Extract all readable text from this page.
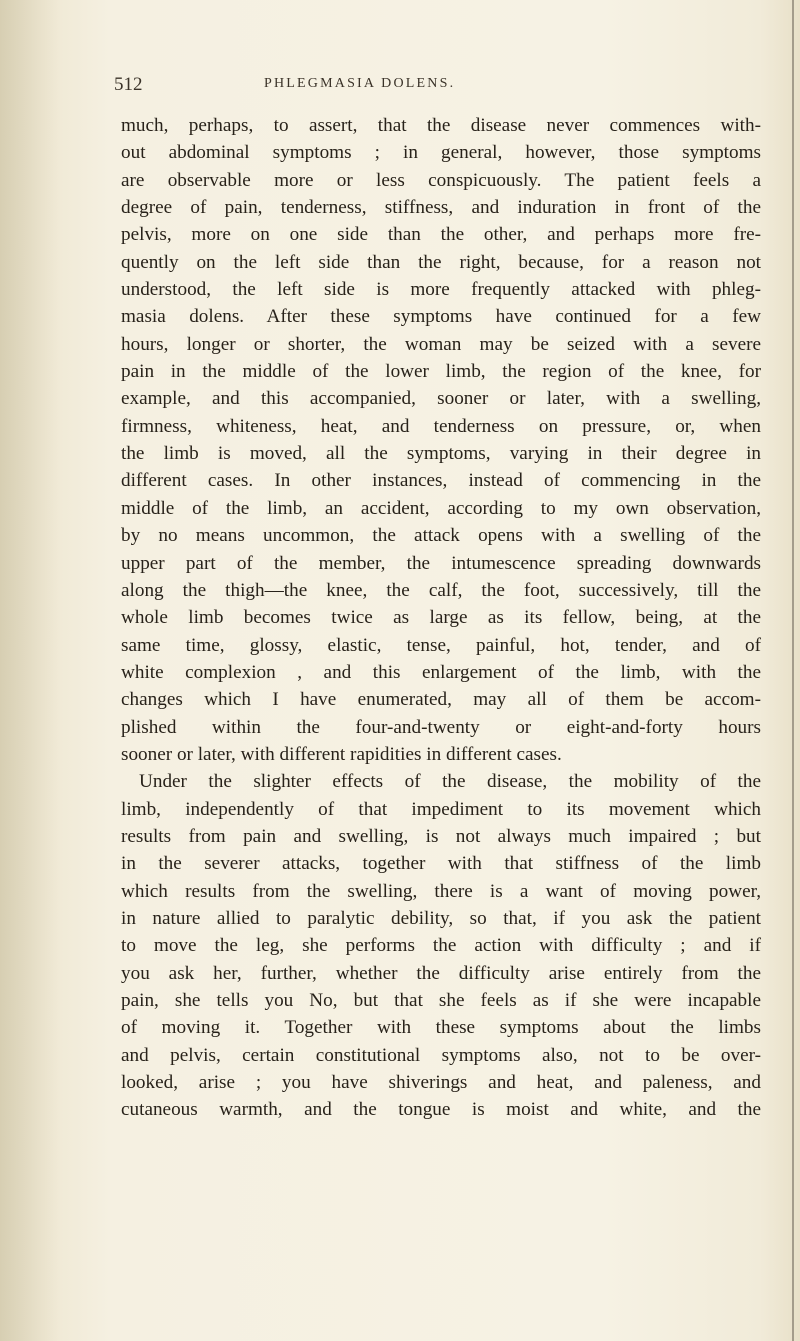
512	PHLEGMASIA DOLENS.
much, perhaps, to assert, that the disease never commences with-
out abdominal symptoms ; in general, however, those symptoms
are observable more or less conspicuously. The patient feels a
degree of pain, tenderness, stiffness, and induration in front of the
pelvis, more on one side than the other, and perhaps more fre-
quently on the left side than the right, because, for a reason not
understood, the left side is more frequently attacked with phleg-
masia dolens. After these symptoms have continued for a few
hours, longer or shorter, the woman may be seized with a severe
pain in the middle of the lower limb, the region of the knee, for
example, and this accompanied, sooner or later, with a swelling,
firmness, whiteness, heat, and tenderness on pressure, or, when
the limb is moved, all the symptoms, varying in their degree in
different cases. In other instances, instead of commencing in the
middle of the limb, an accident, according to my own observation,
by no means uncommon, the attack opens with a swelling of the
upper part of the member, the intumescence spreading downwards
along the thigh—the knee, the calf, the foot, successively, till the
whole limb becomes twice as large as its fellow, being, at the
same time, glossy, elastic, tense, painful, hot, tender, and of
white complexion , and this enlargement of the limb, with the
changes which I have enumerated, may all of them be accom-
plished within the four-and-twenty or eight-and-forty hours
sooner or later, with different rapidities in different cases.
Under the slighter effects of the disease, the mobility of the
limb, independently of that impediment to its movement which
results from pain and swelling, is not always much impaired ; but
in the severer attacks, together with that stiffness of the limb
which results from the swelling, there is a want of moving power,
in nature allied to paralytic debility, so that, if you ask the patient
to move the leg, she performs the action with difficulty ; and if
you ask her, further, whether the difficulty arise entirely from the
pain, she tells you No, but that she feels as if she were incapable
of moving it. Together with these symptoms about the limbs
and pelvis, certain constitutional symptoms also, not to be over-
looked, arise ; you have shiverings and heat, and paleness, and
cutaneous warmth, and the tongue is moist and white, and the
